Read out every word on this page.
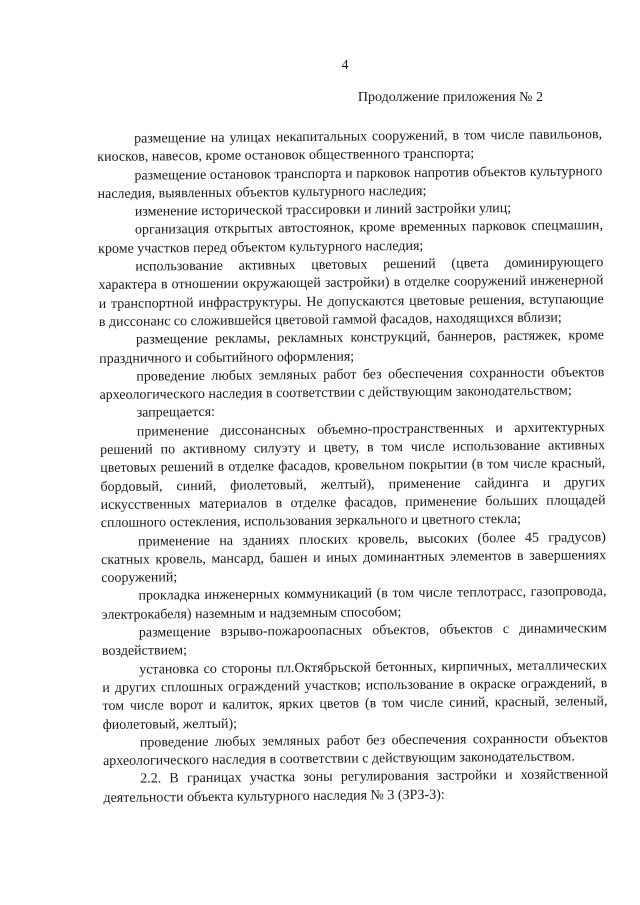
4
Продолжение приложения № 2

размещение на улицах некапитальных сооружений, в том числе павильонов, киосков, навесов, кроме остановок общественного транспорта;

размещение остановок транспорта и парковок напротив объектов культурного наследия, выявленных объектов культурного наследия;

изменение исторической трассировки и линий застройки улиц;

организация открытых автостоянок, кроме временных парковок спецмашин, кроме участков перед объектом культурного наследия;

использование активных цветовых решений (цвета доминирующего характера в отношении окружающей застройки) в отделке сооружений инженерной и транспортной инфраструктуры. Не допускаются цветовые решения, вступающие в диссонанс со сложившейся цветовой гаммой фасадов, находящихся вблизи;

размещение рекламы, рекламных конструкций, баннеров, растяжек, кроме праздничного и событийного оформления;

проведение любых земляных работ без обеспечения сохранности объектов археологического наследия в соответствии с действующим законодательством;

запрещается:

применение диссонансных объемно-пространственных и архитектурных решений по активному силуэту и цвету, в том числе использование активных цветовых решений в отделке фасадов, кровельном покрытии (в том числе красный, бордовый, синий, фиолетовый, желтый), применение сайдинга и других искусственных материалов в отделке фасадов, применение больших площадей сплошного остекления, использования зеркального и цветного стекла;

применение на зданиях плоских кровель, высоких (более 45 градусов) скатных кровель, мансард, башен и иных доминантных элементов в завершениях сооружений;

прокладка инженерных коммуникаций (в том числе теплотрасс, газопровода, электрокабеля) наземным и надземным способом;

размещение взрыво-пожароопасных объектов, объектов с динамическим воздействием;

установка со стороны пл.Октябрьской бетонных, кирпичных, металлических и других сплошных ограждений участков; использование в окраске ограждений, в том числе ворот и калиток, ярких цветов (в том числе синий, красный, зеленый, фиолетовый, желтый);

проведение любых земляных работ без обеспечения сохранности объектов археологического наследия в соответствии с действующим законодательством.

2.2. В границах участка зоны регулирования застройки и хозяйственной деятельности объекта культурного наследия № 3 (ЗРЗ-3):
